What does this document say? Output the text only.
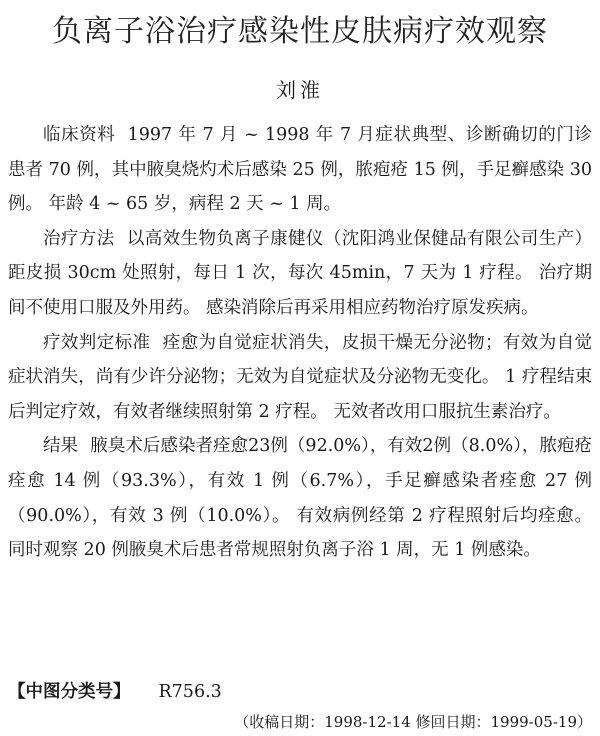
负离子浴治疗感染性皮肤病疗效观察
刘淮

临床资料 1997 年 7 月 ~ 1998 年 7 月症状典型、诊断确切的门诊患者 70 例，其中腋臭烧灼术后感染 25 例，脓疱疮 15 例，手足癣感染 30 例。 年龄 4 ~ 65 岁，病程 2 天 ~ 1 周。

治疗方法 以高效生物负离子康健仪（沈阳鸿业保健品有限公司生产）距皮损 30cm 处照射，每日 1 次，每次 45min，7 天为 1 疗程。 治疗期间不使用口服及外用药。 感染消除后再采用相应药物治疗原发疾病。

疗效判定标准 痊愈为自觉症状消失，皮损干燥无分泌物；有效为自觉症状消失，尚有少许分泌物；无效为自觉症状及分泌物无变化。 1 疗程结束后判定疗效，有效者继续照射第 2 疗程。 无效者改用口服抗生素治疗。

结果 腋臭术后感染者痊愈23例（92.0%），有效2例（8.0%），脓疱疮痊愈 14 例（93.3%），有效 1 例（6.7%），手足癣感染者痊愈 27 例（90.0%），有效 3 例（10.0%）。 有效病例经第 2 疗程照射后均痊愈。 同时观察 20 例腋臭术后患者常规照射负离子浴 1 周，无 1 例感染。

【中图分类号】 R756.3
（收稿日期：1998-12-14 修回日期：1999-05-19）
